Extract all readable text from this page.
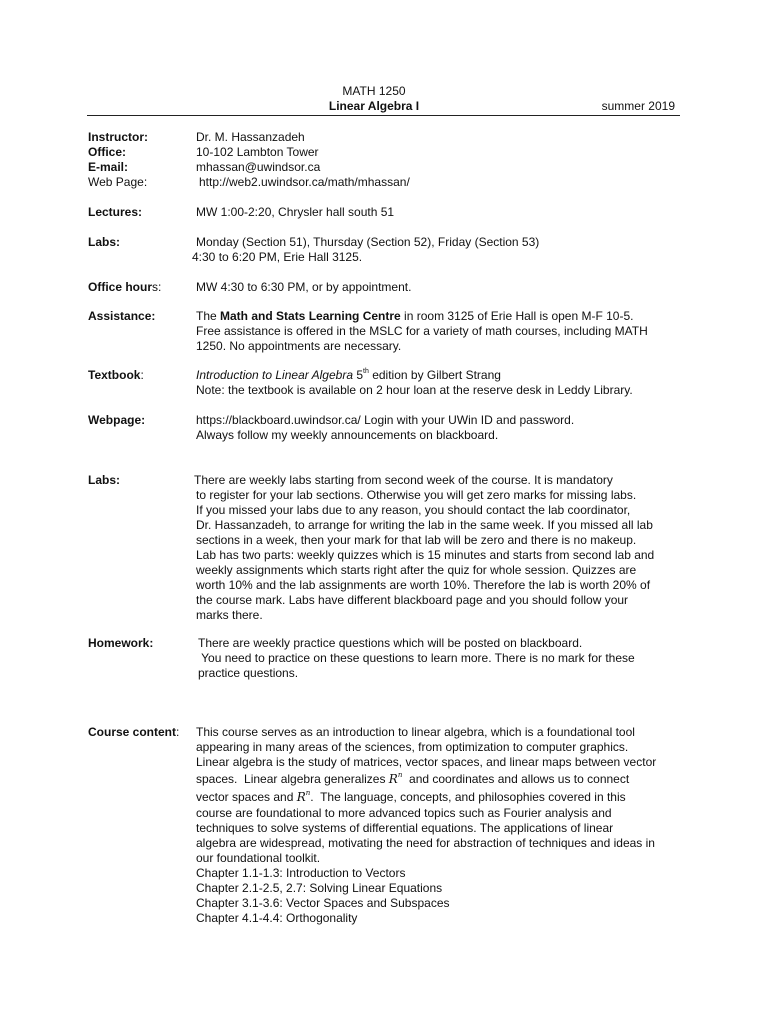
MATH 1250
Linear Algebra I	summer 2019
Instructor:	Dr. M. Hassanzadeh
Office:	10-102 Lambton Tower
E-mail:	mhassan@uwindsor.ca
Web Page:	http://web2.uwindsor.ca/math/mhassan/
Lectures:	MW 1:00-2:20, Chrysler hall south 51
Labs:	Monday (Section 51), Thursday (Section 52), Friday (Section 53)
4:30 to 6:20 PM, Erie Hall 3125.
Office hours:	MW 4:30 to 6:30 PM, or by appointment.
Assistance:	The Math and Stats Learning Centre in room 3125 of Erie Hall is open M-F 10-5.
Free assistance is offered in the MSLC for a variety of math courses, including MATH
1250. No appointments are necessary.
Textbook:	Introduction to Linear Algebra 5th edition by Gilbert Strang
Note: the textbook is available on 2 hour loan at the reserve desk in Leddy Library.
Webpage:	https://blackboard.uwindsor.ca/ Login with your UWin ID and password.
Always follow my weekly announcements on blackboard.
Labs:	There are weekly labs starting from second week of the course. It is mandatory
to register for your lab sections. Otherwise you will get zero marks for missing labs.
If you missed your labs due to any reason, you should contact the lab coordinator,
Dr. Hassanzadeh, to arrange for writing the lab in the same week. If you missed all lab
sections in a week, then your mark for that lab will be zero and there is no makeup.
Lab has two parts: weekly quizzes which is 15 minutes and starts from second lab and
weekly assignments which starts right after the quiz for whole session. Quizzes are
worth 10% and the lab assignments are worth 10%. Therefore the lab is worth 20% of
the course mark. Labs have different blackboard page and you should follow your
marks there.
Homework:	There are weekly practice questions which will be posted on blackboard.
You need to practice on these questions to learn more. There is no mark for these
practice questions.
Course content:	This course serves as an introduction to linear algebra, which is a foundational tool
appearing in many areas of the sciences, from optimization to computer graphics.
Linear algebra is the study of matrices, vector spaces, and linear maps between vector
spaces.  Linear algebra generalizes $R^n$  and coordinates and allows us to connect
vector spaces and $R^n$.  The language, concepts, and philosophies covered in this
course are foundational to more advanced topics such as Fourier analysis and
techniques to solve systems of differential equations. The applications of linear
algebra are widespread, motivating the need for abstraction of techniques and ideas in
our foundational toolkit.
Chapter 1.1-1.3: Introduction to Vectors
Chapter 2.1-2.5, 2.7: Solving Linear Equations
Chapter 3.1-3.6: Vector Spaces and Subspaces
Chapter 4.1-4.4: Orthogonality
